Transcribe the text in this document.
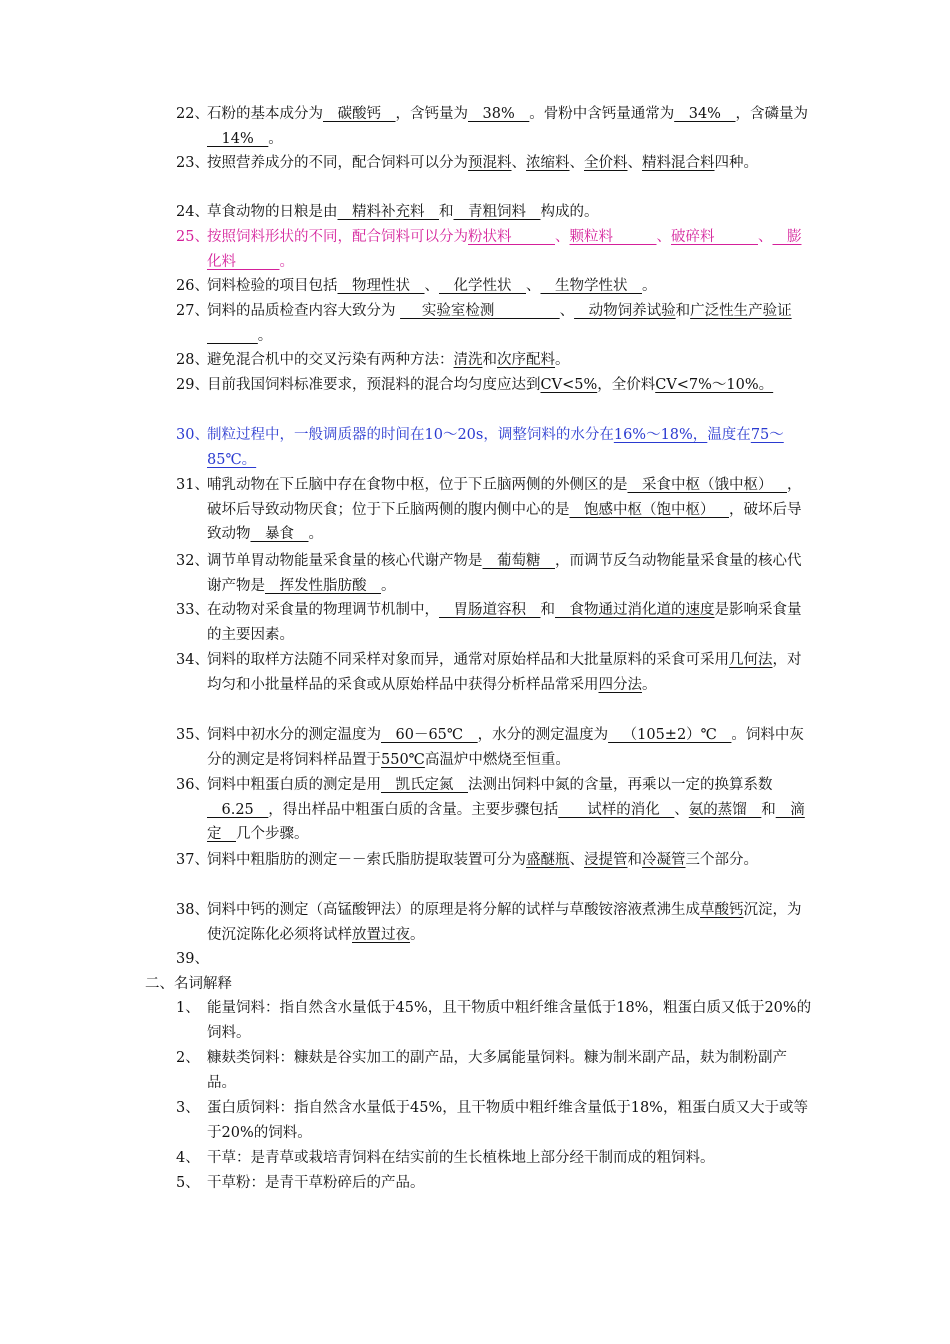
22、
石粉的基本成分为__碳酸钙__，含钙量为__38%__。骨粉中含钙量通常为__34%__，含磷量为__14%__。
23、
按照营养成分的不同，配合饲料可以分为预混料、浓缩料、全价料、精料混合料四种。
24、
草食动物的日粮是由__精料补充料__和__青粗饲料__构成的。
25、
按照饲料形状的不同，配合饲料可以分为粉状料______、颗粒料______、破碎料______、__膨化料______。
26、
饲料检验的项目包括__物理性状__、__化学性状__、__生物学性状__。
27、
饲料的品质检查内容大致分为 ___实验室检测_________、__动物饲养试验和广泛性生产验证_______。
28、
避免混合机中的交叉污染有两种方法：清洗和次序配料。
29、
目前我国饲料标准要求，预混料的混合均匀度应达到CV<5%，全价料CV<7%～10%。
30、
制粒过程中，一般调质器的时间在10～20s，调整饲料的水分在16%～18%，温度在75～85℃。
31、
哺乳动物在下丘脑中存在食物中枢，位于下丘脑两侧的外侧区的是__采食中枢（饿中枢）__，破坏后导致动物厌食；位于下丘脑两侧的腹内侧中心的是__饱感中枢（饱中枢）__，破坏后导致动物__暴食__。
32、
调节单胃动物能量采食量的核心代谢产物是__葡萄糖__，而调节反刍动物能量采食量的核心代谢产物是__挥发性脂肪酸__。
33、
在动物对采食量的物理调节机制中，__胃肠道容积__和__食物通过消化道的速度是影响采食量的主要因素。
34、
饲料的取样方法随不同采样对象而异，通常对原始样品和大批量原料的采食可采用几何法，对均匀和小批量样品的采食或从原始样品中获得分析样品常采用四分法。
35、
饲料中初水分的测定温度为__60－65℃__，水分的测定温度为__（105±2）℃__。饲料中灰分的测定是将饲料样品置于550℃高温炉中燃烧至恒重。
36、
饲料中粗蛋白质的测定是用__凯氏定氮__法测出饲料中氮的含量，再乘以一定的换算系数__6.25__，得出样品中粗蛋白质的含量。主要步骤包括____试样的消化__、氨的蒸馏__和__滴定__几个步骤。
37、
饲料中粗脂肪的测定－－索氏脂肪提取装置可分为盛醚瓶、浸提管和冷凝管三个部分。
38、
饲料中钙的测定（高锰酸钾法）的原理是将分解的试样与草酸铵溶液煮沸生成草酸钙沉淀，为使沉淀陈化必须将试样放置过夜。
39、
二、名词解释
1、 能量饲料：指自然含水量低于45%，且干物质中粗纤维含量低于18%，粗蛋白质又低于20%的饲料。
2、 糠麸类饲料：糠麸是谷实加工的副产品，大多属能量饲料。糠为制米副产品，麸为制粉副产品。
3、 蛋白质饲料：指自然含水量低于45%，且干物质中粗纤维含量低于18%，粗蛋白质又大于或等于20%的饲料。
4、 干草：是青草或栽培青饲料在结实前的生长植株地上部分经干制而成的粗饲料。
5、 干草粉：是青干草粉碎后的产品。
